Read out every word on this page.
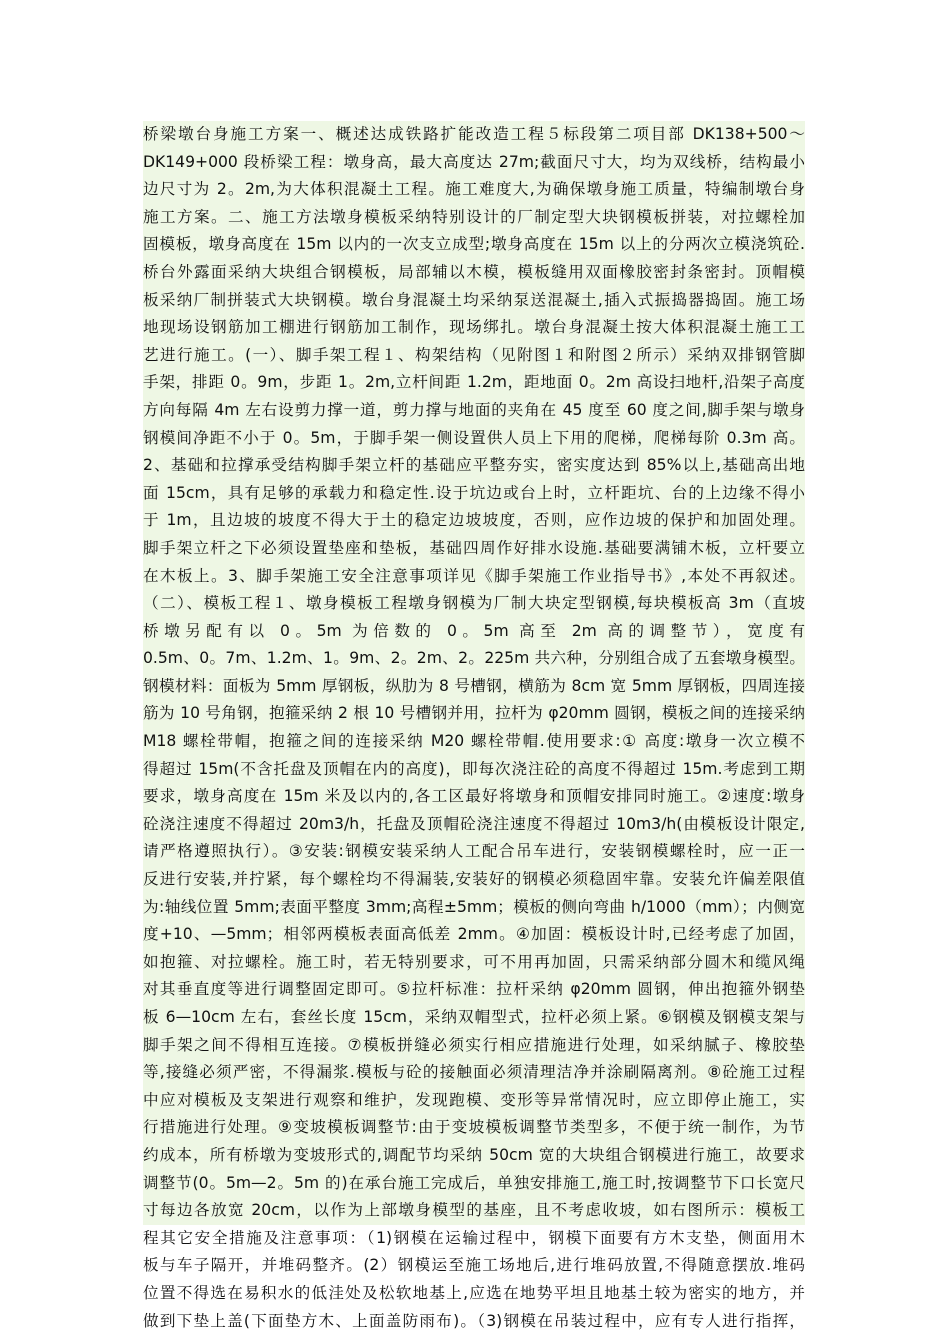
桥梁墩台身施工方案一、概述达成铁路扩能改造工程５标段第二项目部 DK138+500～
DK149+000 段桥梁工程：墩身高，最大高度达 27m;截面尺寸大，均为双线桥，结构最小
边尺寸为 2。2m,为大体积混凝土工程。施工难度大,为确保墩身施工质量，特编制墩台身
施工方案。二、施工方法墩身模板采纳特别设计的厂制定型大块钢模板拼装，对拉螺栓加
固模板，墩身高度在 15m 以内的一次支立成型;墩身高度在 15m 以上的分两次立模浇筑砼.
桥台外露面采纳大块组合钢模板，局部辅以木模，模板缝用双面橡胶密封条密封。顶帽模
板采纳厂制拼装式大块钢模。墩台身混凝土均采纳泵送混凝土,插入式振捣器捣固。施工场
地现场设钢筋加工棚进行钢筋加工制作，现场绑扎。墩台身混凝土按大体积混凝土施工工
艺进行施工。(一）、脚手架工程１、构架结构（见附图１和附图２所示）采纳双排钢管脚
手架，排距 0。9m，步距 1。2m,立杆间距 1.2m，距地面 0。2m 高设扫地杆,沿架子高度
方向每隔 4m 左右设剪力撑一道，剪力撑与地面的夹角在 45 度至 60 度之间,脚手架与墩身
钢模间净距不小于 0。5m，于脚手架一侧设置供人员上下用的爬梯，爬梯每阶 0.3m 高。
2、基础和拉撑承受结构脚手架立杆的基础应平整夯实，密实度达到 85%以上,基础高出地
面 15cm，具有足够的承载力和稳定性.设于坑边或台上时，立杆距坑、台的上边缘不得小
于 1m，且边坡的坡度不得大于土的稳定边坡坡度，否则，应作边坡的保护和加固处理。
脚手架立杆之下必须设置垫座和垫板，基础四周作好排水设施.基础要满铺木板，立杆要立
在木板上。3、脚手架施工安全注意事项详见《脚手架施工作业指导书》,本处不再叙述。
（二）、模板工程１、墩身模板工程墩身钢模为厂制大块定型钢模,每块模板高 3m（直坡
桥墩另配有以 0。5m 为倍数的 0。5m 高至 2m 高的调整节），宽度有
0.5m、0。7m、1.2m、1。9m、2。2m、2。225m 共六种，分别组合成了五套墩身模型。
钢模材料：面板为 5mm 厚钢板，纵肋为 8 号槽钢，横筋为 8cm 宽 5mm 厚钢板，四周连接
筋为 10 号角钢，抱箍采纳 2 根 10 号槽钢并用，拉杆为 φ20mm 圆钢，模板之间的连接采纳
M18 螺栓带帽，抱箍之间的连接采纳 M20 螺栓带帽.使用要求:① 高度:墩身一次立模不
得超过 15m(不含托盘及顶帽在内的高度)，即每次浇注砼的高度不得超过 15m.考虑到工期
要求，墩身高度在 15m 米及以内的,各工区最好将墩身和顶帽安排同时施工。②速度:墩身
砼浇注速度不得超过 20m3/h，托盘及顶帽砼浇注速度不得超过 10m3/h(由模板设计限定,
请严格遵照执行）。③安装:钢模安装采纳人工配合吊车进行，安装钢模螺栓时，应一正一
反进行安装,并拧紧，每个螺栓均不得漏装,安装好的钢模必须稳固牢靠。安装允许偏差限值
为:轴线位置 5mm;表面平整度 3mm;高程±5mm；模板的侧向弯曲 h/1000（mm）；内侧宽
度+10、—5mm；相邻两模板表面高低差 2mm。④加固：模板设计时,已经考虑了加固，
如抱箍、对拉螺栓。施工时，若无特别要求，可不用再加固，只需采纳部分圆木和缆风绳
对其垂直度等进行调整固定即可。⑤拉杆标准：拉杆采纳 φ20mm 圆钢，伸出抱箍外钢垫
板 6—10cm 左右，套丝长度 15cm，采纳双帽型式，拉杆必须上紧。⑥钢模及钢模支架与
脚手架之间不得相互连接。⑦模板拼缝必须实行相应措施进行处理，如采纳腻子、橡胶垫
等,接缝必须严密，不得漏浆.模板与砼的接触面必须清理洁净并涂刷隔离剂。⑧砼施工过程
中应对模板及支架进行观察和维护，发现跑模、变形等异常情况时，应立即停止施工，实
行措施进行处理。⑨变坡模板调整节:由于变坡模板调整节类型多，不便于统一制作，为节
约成本，所有桥墩为变坡形式的,调配节均采纳 50cm 宽的大块组合钢模进行施工，故要求
调整节(0。5m—2。5m 的)在承台施工完成后，单独安排施工,施工时,按调整节下口长宽尺
寸每边各放宽 20cm，以作为上部墩身模型的基座，且不考虑收坡，如右图所示：模板工
程其它安全措施及注意事项：（1)钢模在运输过程中，钢模下面要有方木支垫，侧面用木
板与车子隔开，并堆码整齐。(2）钢模运至施工场地后,进行堆码放置,不得随意摆放.堆码
位置不得选在易积水的低洼处及松软地基上,应选在地势平坦且地基土较为密实的地方，并
做到下垫上盖(下面垫方木、上面盖防雨布)。（3)钢模在吊装过程中，应有专人进行指挥，
